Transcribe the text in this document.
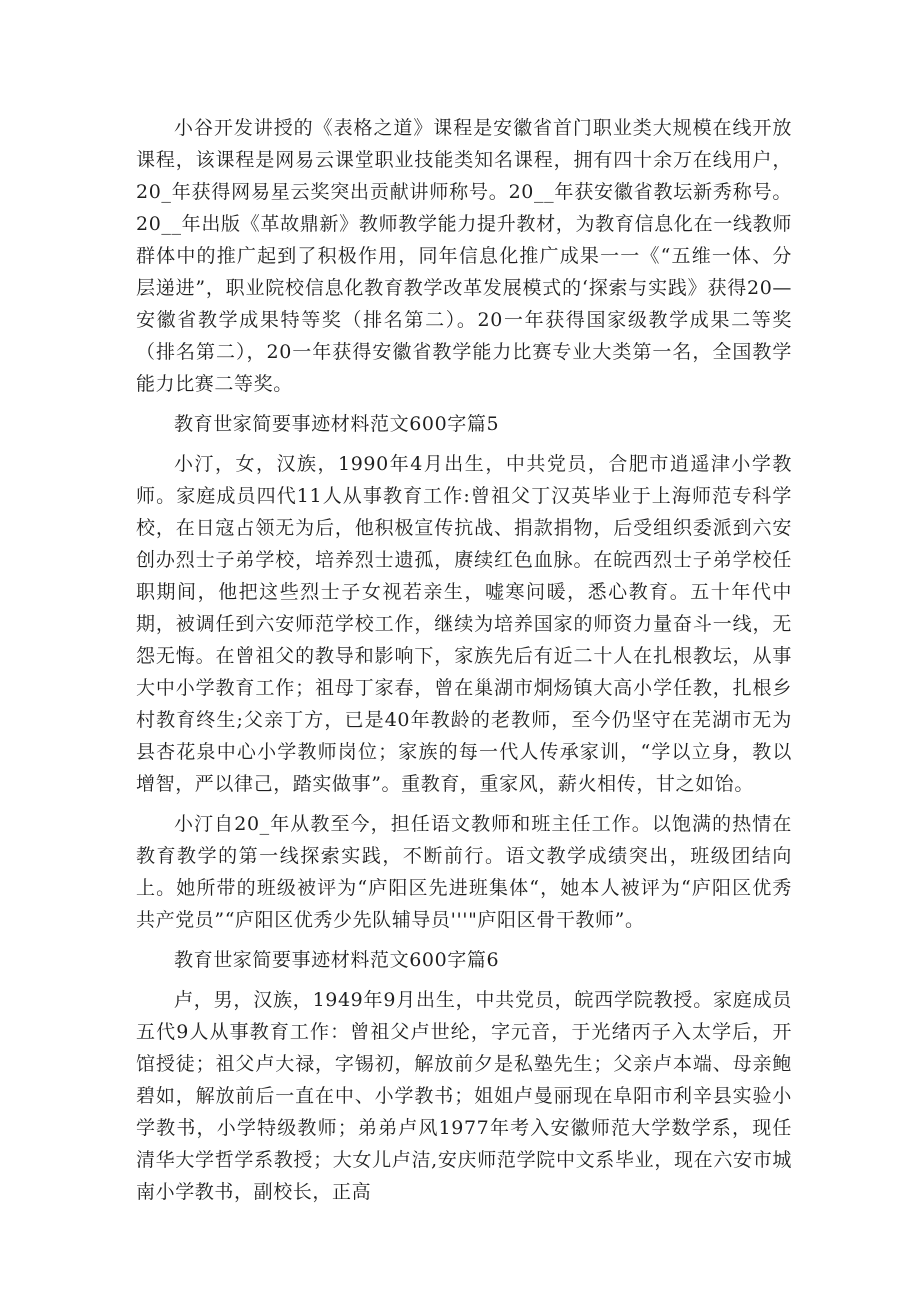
小谷开发讲授的《表格之道》课程是安徽省首门职业类大规模在线开放课程，该课程是网易云课堂职业技能类知名课程，拥有四十余万在线用户，20_年获得网易星云奖突出贡献讲师称号。20__年获安徽省教坛新秀称号。20__年出版《革故鼎新》教师教学能力提升教材，为教育信息化在一线教师群体中的推广起到了积极作用，同年信息化推广成果一一《“五维一体、分层递进”，职业院校信息化教育教学改革发展模式的‘探索与实践》获得20—安徽省教学成果特等奖（排名第二）。20一年获得国家级教学成果二等奖（排名第二），20一年获得安徽省教学能力比赛专业大类第一名，全国教学能力比赛二等奖。

教育世家简要事迹材料范文600字篇5

小汀，女，汉族，1990年4月出生，中共党员，合肥市逍遥津小学教师。家庭成员四代11人从事教育工作:曾祖父丁汉英毕业于上海师范专科学校，在日寇占领无为后，他积极宣传抗战、捐款捐物，后受组织委派到六安创办烈士子弟学校，培养烈士遗孤，赓续红色血脉。在皖西烈士子弟学校任职期间，他把这些烈士子女视若亲生，嘘寒问暖，悉心教育。五十年代中期，被调任到六安师范学校工作，继续为培养国家的师资力量奋斗一线，无怨无悔。在曾祖父的教导和影响下，家族先后有近二十人在扎根教坛，从事大中小学教育工作；祖母丁家春，曾在巢湖市烔炀镇大高小学任教，扎根乡村教育终生;父亲丁方，已是40年教龄的老教师，至今仍坚守在芜湖市无为县杏花泉中心小学教师岗位；家族的每一代人传承家训，“学以立身，教以增智，严以律己，踏实做事”。重教育，重家风，薪火相传，甘之如饴。

小汀自20_年从教至今，担任语文教师和班主任工作。以饱满的热情在教育教学的第一线探索实践，不断前行。语文教学成绩突出，班级团结向上。她所带的班级被评为“庐阳区先进班集体“，她本人被评为“庐阳区优秀共产党员”“庐阳区优秀少先队辅导员'''"庐阳区骨干教师”。

教育世家简要事迹材料范文600字篇6

卢，男，汉族，1949年9月出生，中共党员，皖西学院教授。家庭成员五代9人从事教育工作：曾祖父卢世纶，字元音，于光绪丙子入太学后，开馆授徒；祖父卢大禄，字锡初，解放前夕是私塾先生；父亲卢本端、母亲鲍碧如，解放前后一直在中、小学教书；姐姐卢曼丽现在阜阳市利辛县实验小学教书，小学特级教师；弟弟卢风1977年考入安徽师范大学数学系，现任清华大学哲学系教授；大女儿卢洁,安庆师范学院中文系毕业，现在六安市城南小学教书，副校长，正高
